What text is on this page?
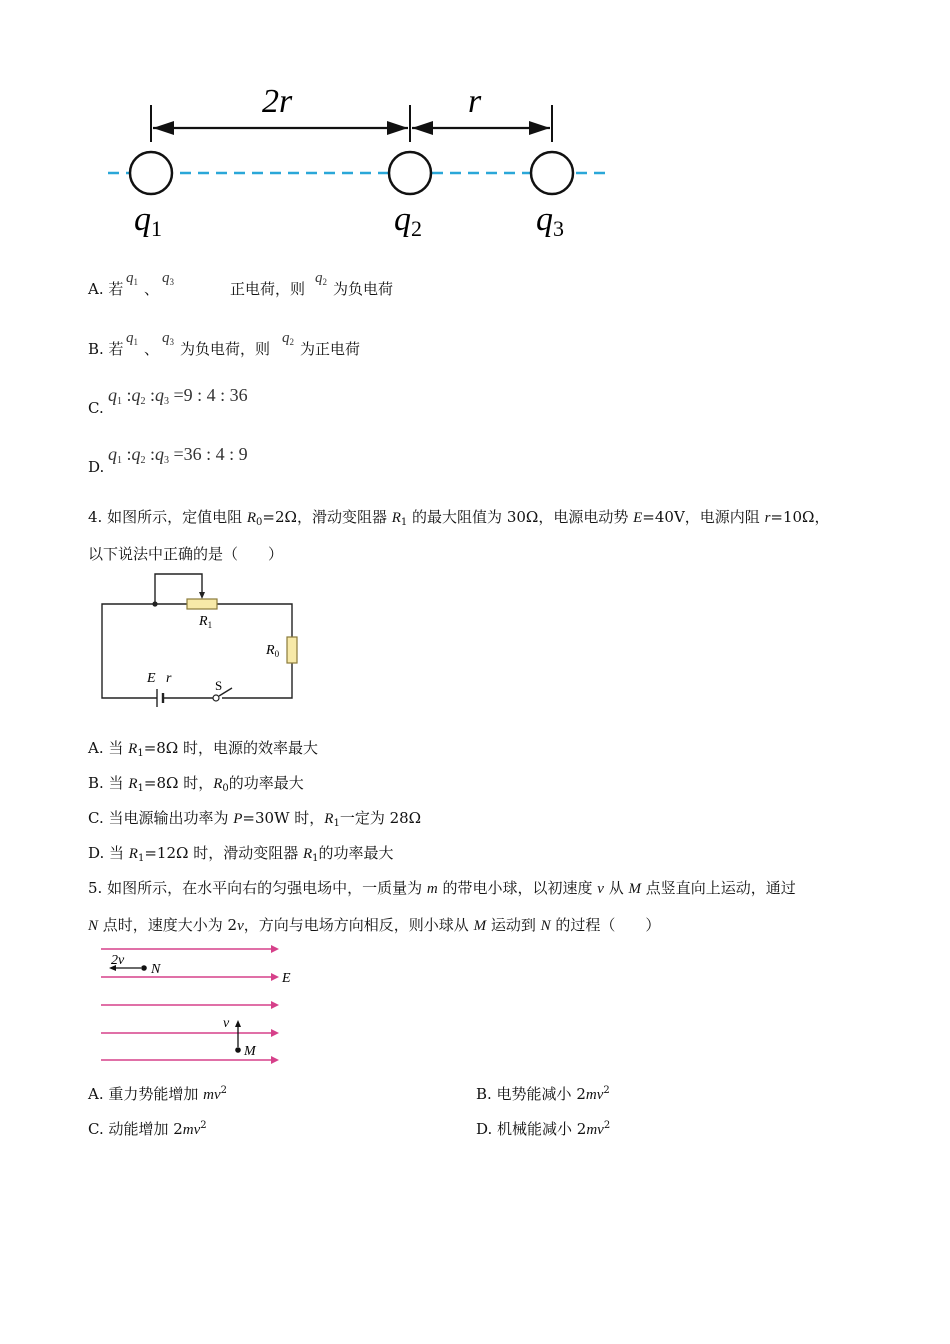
2r	r
q1	q2	q3
A. 若
$q_1$ 、
$q_3$	正电荷，则
$q_2$ 为负电荷
B. 若
$q_1$ 、
$q_3$ 为负电荷，则
$q_2$ 为正电荷
C.
$q_1$ $:q_2$ $:q_3 =9$ : 4 : 36
D.
$q_1$ $:q_2$ $:q_3 =36$ : 4 : 9
4. 如图所示，定值电阻 $R_0=2\Omega$，滑动变阻器 $R_1$ 的最大阻值为 30Ω，电源电动势 E=40V，电源内阻 r=10Ω，
以下说法中正确的是（　　）
$R_1$
$R_0$
E r	S
A. 当 $R_1=8\Omega$ 时，电源的效率最大
B. 当 $R_1=8\Omega$ 时，$R_0$的功率最大
C. 当电源输出功率为 P=30W 时，$R_1$一定为 28Ω
D. 当 $R_1=12\Omega$ 时，滑动变阻器 $R_1$的功率最大
5. 如图所示，在水平向右的匀强电场中，一质量为 m 的带电小球，以初速度 v 从 M 点竖直向上运动，通过
N 点时，速度大小为 2v，方向与电场方向相反，则小球从 M 运动到 N 的过程（　　）
2v
N
E
v
M
A. 重力势能增加 $mv^2$	B. 电势能减小 $2mv^2$
C. 动能增加 $2mv^2$	D. 机械能减小 $2mv^2$
